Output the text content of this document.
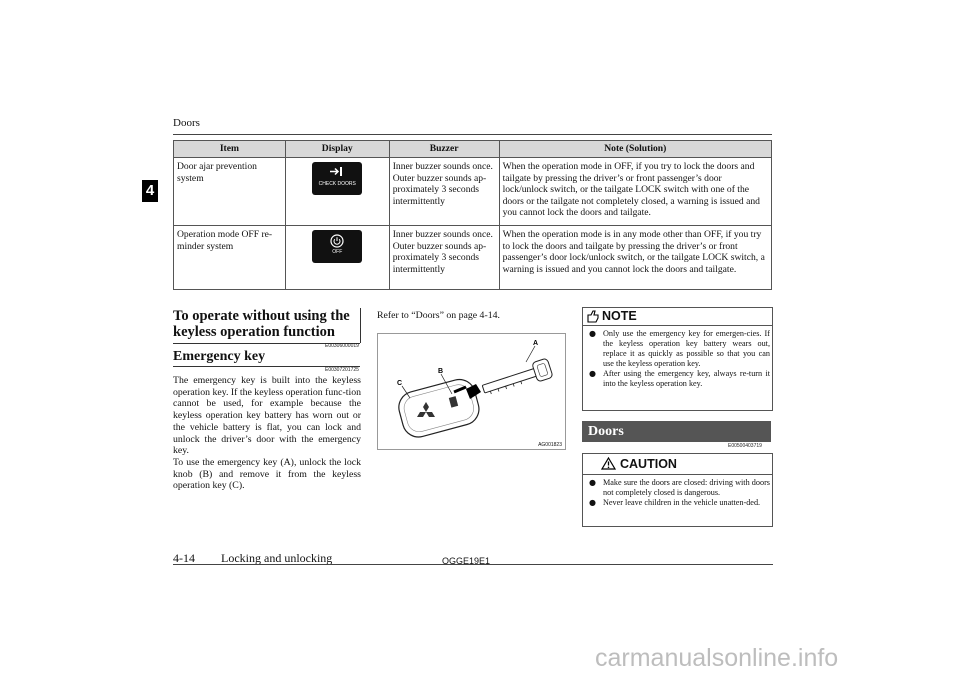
Doors
4
Item	Display	Buzzer	Note (Solution)
Door ajar prevention system	CHECK DOORS	Inner buzzer sounds once. Outer buzzer sounds ap-proximately 3 seconds intermittently	When the operation mode in OFF, if you try to lock the doors and tailgate by pressing the driver’s or front passenger’s door lock/unlock switch, or the tailgate LOCK switch with one of the doors or the tailgate not completely closed, a warning is issued and you cannot lock the doors and tailgate.
Operation mode OFF re-minder system	OFF	Inner buzzer sounds once. Outer buzzer sounds ap-proximately 3 seconds intermittently	When the operation mode is in any mode other than OFF, if you try to lock the doors and tailgate by pressing the driver’s or front passenger’s door lock/unlock switch, or the tailgate LOCK switch, a warning is issued and you cannot lock the doors and tailgate.
To operate without using the keyless operation function
E00306000019
Emergency key
E00307201725
The emergency key is built into the keyless operation key. If the keyless operation func-tion cannot be used, for example because the keyless operation key battery has worn out or the vehicle battery is flat, you can lock and unlock the driver’s door with the emergency key.
To use the emergency key (A), unlock the lock knob (B) and remove it from the keyless operation key (C).
Refer to “Doors” on page 4-14.
A
B
C
AG001823
NOTE
● Only use the emergency key for emergen-cies. If the keyless operation key battery wears out, replace it as quickly as possible so that you can use the keyless operation key.
● After using the emergency key, always re-turn it into the keyless operation key.
Doors
E00500403719
CAUTION
● Make sure the doors are closed: driving with doors not completely closed is dangerous.
● Never leave children in the vehicle unatten-ded.
4-14 Locking and unlocking	OGGE19E1
carmanualsonline.info
